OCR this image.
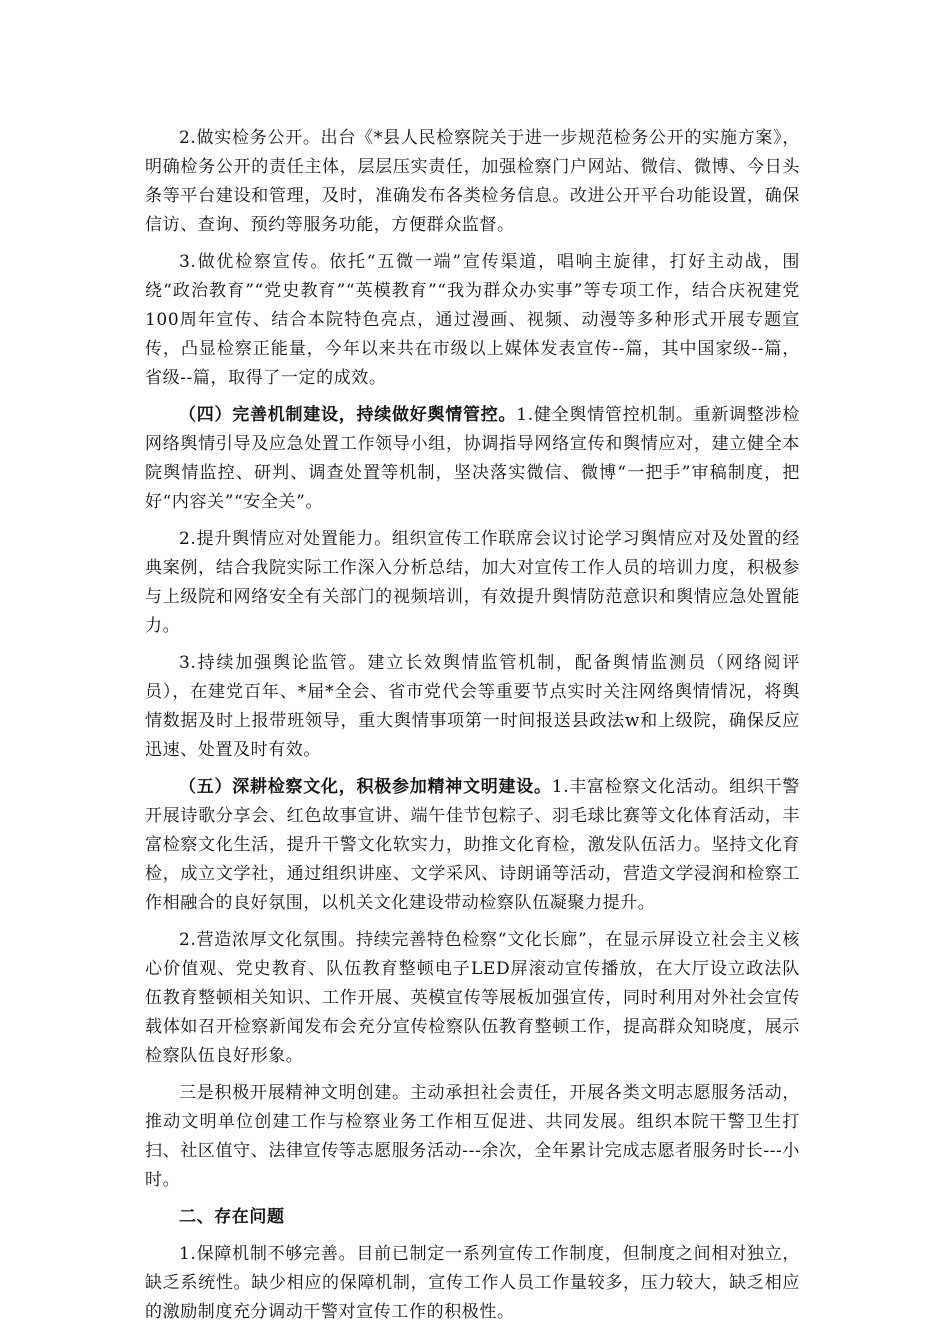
2.做实检务公开。出台《*县人民检察院关于进一步规范检务公开的实施方案》，明确检务公开的责任主体，层层压实责任，加强检察门户网站、微信、微博、今日头条等平台建设和管理，及时，准确发布各类检务信息。改进公开平台功能设置，确保信访、查询、预约等服务功能，方便群众监督。

3.做优检察宣传。依托“五微一端”宣传渠道，唱响主旋律，打好主动战，围绕“政治教育”“党史教育”“英模教育”“我为群众办实事”等专项工作，结合庆祝建党100周年宣传、结合本院特色亮点，通过漫画、视频、动漫等多种形式开展专题宣传，凸显检察正能量，今年以来共在市级以上媒体发表宣传--篇，其中国家级--篇，省级--篇，取得了一定的成效。

（四）完善机制建设，持续做好舆情管控。1.健全舆情管控机制。重新调整涉检网络舆情引导及应急处置工作领导小组，协调指导网络宣传和舆情应对，建立健全本院舆情监控、研判、调查处置等机制，坚决落实微信、微博“一把手”审稿制度，把好“内容关”“安全关”。

2.提升舆情应对处置能力。组织宣传工作联席会议讨论学习舆情应对及处置的经典案例，结合我院实际工作深入分析总结，加大对宣传工作人员的培训力度，积极参与上级院和网络安全有关部门的视频培训，有效提升舆情防范意识和舆情应急处置能力。

3.持续加强舆论监管。建立长效舆情监管机制，配备舆情监测员（网络阅评员），在建党百年、*届*全会、省市党代会等重要节点实时关注网络舆情情况，将舆情数据及时上报带班领导，重大舆情事项第一时间报送县政法w和上级院，确保反应迅速、处置及时有效。

（五）深耕检察文化，积极参加精神文明建设。1.丰富检察文化活动。组织干警开展诗歌分享会、红色故事宣讲、端午佳节包粽子、羽毛球比赛等文化体育活动，丰富检察文化生活，提升干警文化软实力，助推文化育检，激发队伍活力。坚持文化育检，成立文学社，通过组织讲座、文学采风、诗朗诵等活动，营造文学浸润和检察工作相融合的良好氛围，以机关文化建设带动检察队伍凝聚力提升。

2.营造浓厚文化氛围。持续完善特色检察“文化长廊”，在显示屏设立社会主义核心价值观、党史教育、队伍教育整顿电子LED屏滚动宣传播放，在大厅设立政法队伍教育整顿相关知识、工作开展、英模宣传等展板加强宣传，同时利用对外社会宣传载体如召开检察新闻发布会充分宣传检察队伍教育整顿工作，提高群众知晓度，展示检察队伍良好形象。

三是积极开展精神文明创建。主动承担社会责任，开展各类文明志愿服务活动，推动文明单位创建工作与检察业务工作相互促进、共同发展。组织本院干警卫生打扫、社区值守、法律宣传等志愿服务活动---余次，全年累计完成志愿者服务时长---小时。

二、存在问题

1.保障机制不够完善。目前已制定一系列宣传工作制度，但制度之间相对独立，缺乏系统性。缺少相应的保障机制，宣传工作人员工作量较多，压力较大，缺乏相应的激励制度充分调动干警对宣传工作的积极性。
